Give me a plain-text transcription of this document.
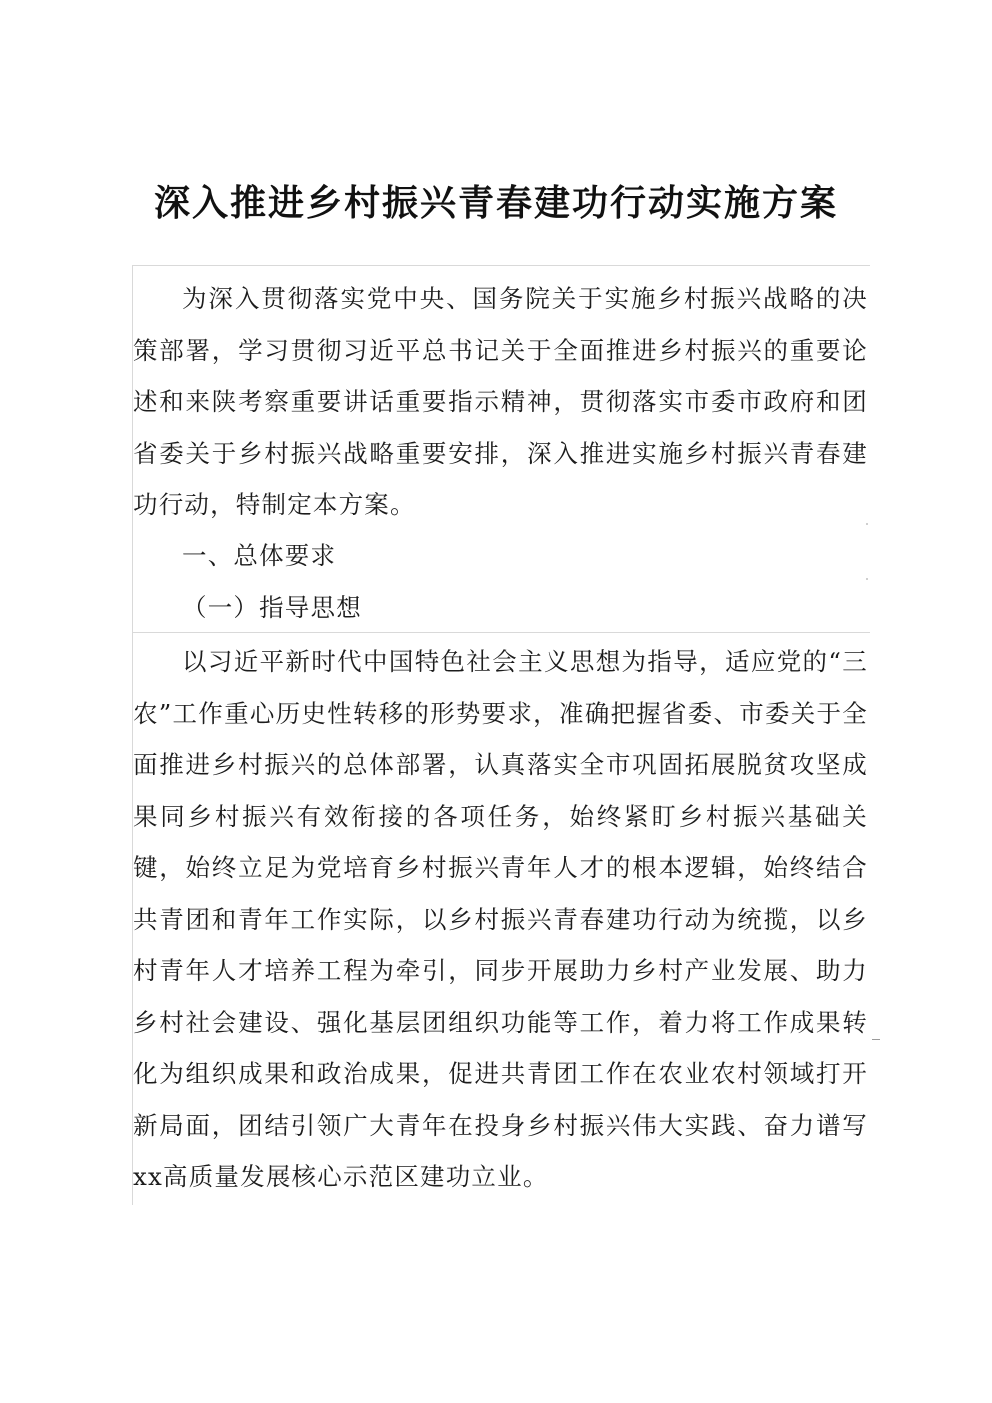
深入推进乡村振兴青春建功行动实施方案

为深入贯彻落实党中央、国务院关于实施乡村振兴战略的决策部署，学习贯彻习近平总书记关于全面推进乡村振兴的重要论述和来陕考察重要讲话重要指示精神，贯彻落实市委市政府和团省委关于乡村振兴战略重要安排，深入推进实施乡村振兴青春建功行动，特制定本方案。

一、总体要求

（一）指导思想

以习近平新时代中国特色社会主义思想为指导，适应党的“三农”工作重心历史性转移的形势要求，准确把握省委、市委关于全面推进乡村振兴的总体部署，认真落实全市巩固拓展脱贫攻坚成果同乡村振兴有效衔接的各项任务，始终紧盯乡村振兴基础关键，始终立足为党培育乡村振兴青年人才的根本逻辑，始终结合共青团和青年工作实际，以乡村振兴青春建功行动为统揽，以乡村青年人才培养工程为牵引，同步开展助力乡村产业发展、助力乡村社会建设、强化基层团组织功能等工作，着力将工作成果转化为组织成果和政治成果，促进共青团工作在农业农村领域打开新局面，团结引领广大青年在投身乡村振兴伟大实践、奋力谱写xx高质量发展核心示范区建功立业。
